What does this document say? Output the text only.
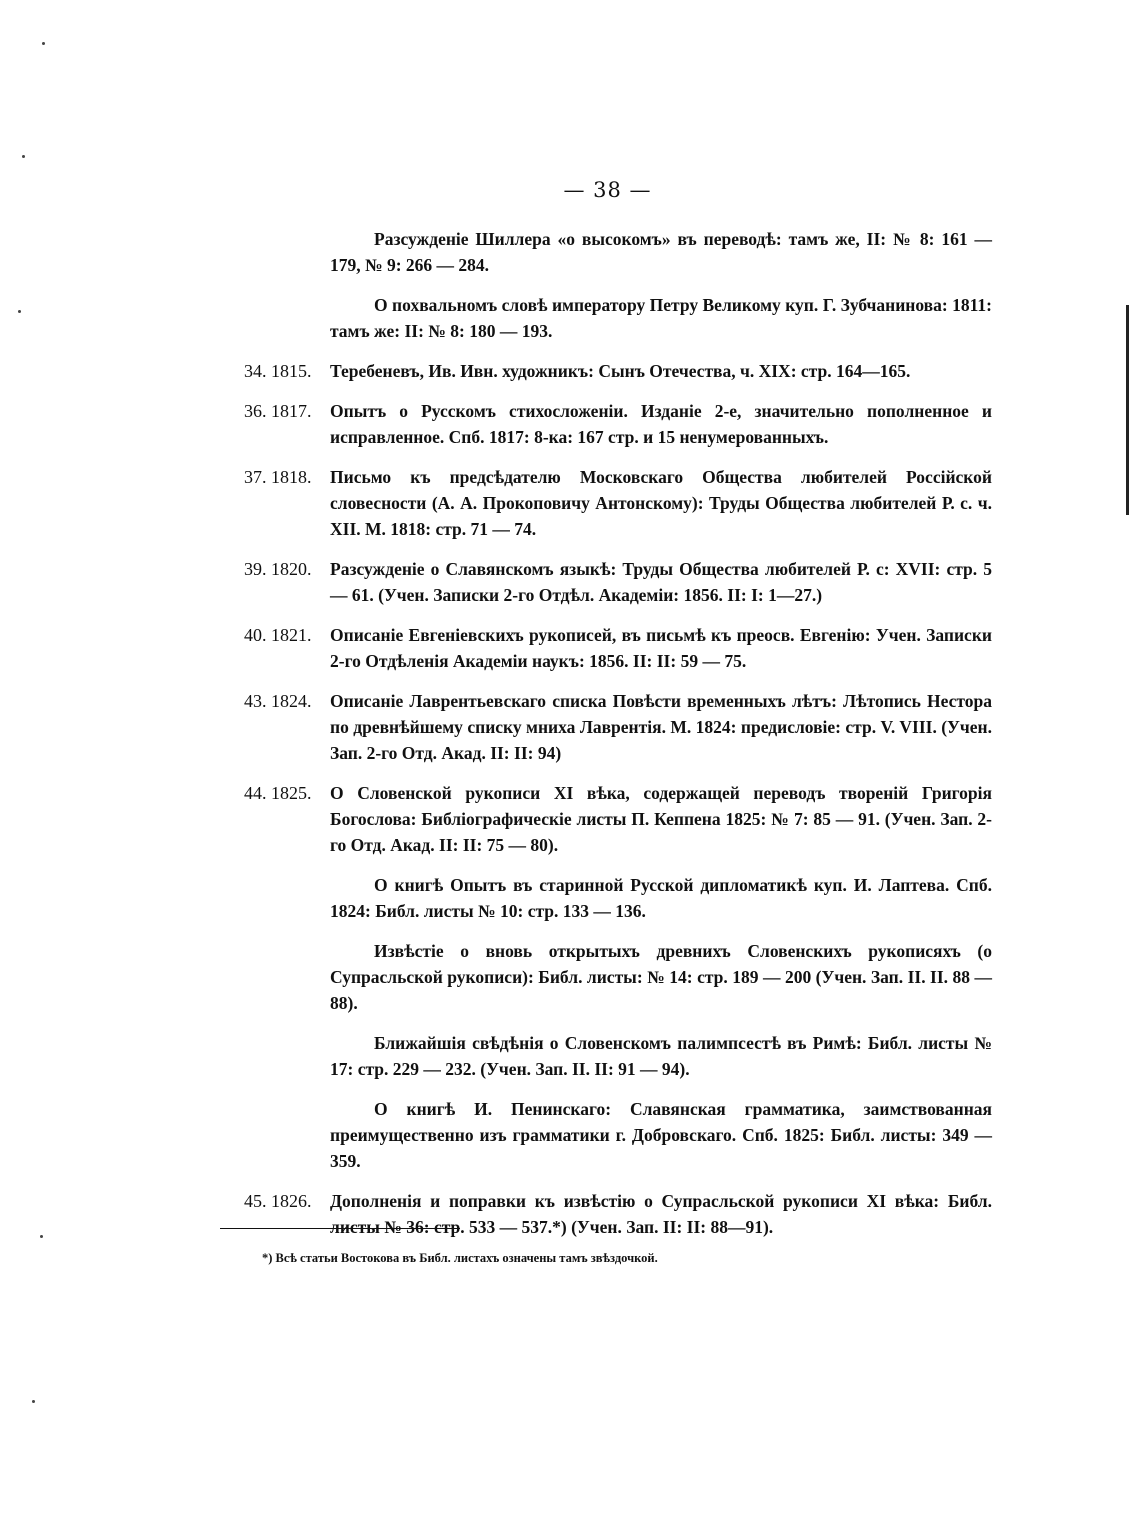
— 38 —
Разсужденіе Шиллера «о высокомъ» въ переводѣ: тамъ же, II: № 8: 161 — 179, № 9: 266 — 284.
О похвальномъ словѣ императору Петру Великому куп. Г. Зубчанинова: 1811: тамъ же: II: № 8: 180 — 193.
34. 1815.	Теребеневъ, Ив. Ивн. художникъ: Сынъ Отечества, ч. XIX: стр. 164—165.
36. 1817.	Опытъ о Русскомъ стихосложеніи. Изданіе 2-е, значительно пополненное и исправленное. Спб. 1817: 8-ка: 167 стр. и 15 ненумерованныхъ.
37. 1818.	Письмо къ предсѣдателю Московскаго Общества любителей Россійской словесности (А. А. Прокоповичу Антонскому): Труды Общества любителей Р. с. ч. XII. М. 1818: стр. 71 — 74.
39. 1820.	Разсужденіе о Славянскомъ языкѣ: Труды Общества любителей Р. с: XVII: стр. 5 — 61. (Учен. Записки 2-го Отдѣл. Академіи: 1856. II: I: 1—27.)
40. 1821.	Описаніе Евгеніевскихъ рукописей, въ письмѣ къ преосв. Евгенію: Учен. Записки 2-го Отдѣленія Академіи наукъ: 1856. II: II: 59 — 75.
43. 1824.	Описаніе Лаврентьевскаго списка Повѣсти временныхъ лѣтъ: Лѣтопись Нестора по древнѣйшему списку мниха Лаврентія. М. 1824: предисловіе: стр. V. VIII. (Учен. Зап. 2-го Отд. Акад. II: II: 94)
44. 1825.	О Словенской рукописи XI вѣка, содержащей переводъ твореній Григорія Богослова: Библіографическіе листы П. Кеппена 1825: № 7: 85 — 91. (Учен. Зап. 2-го Отд. Акад. II: II: 75 — 80).
О книгѣ Опытъ въ старинной Русской дипломатикѣ куп. И. Лаптева. Спб. 1824: Библ. листы № 10: стр. 133 — 136.
Извѣстіе о вновь открытыхъ древнихъ Словенскихъ рукописяхъ (о Супрасльской рукописи): Библ. листы: № 14: стр. 189 — 200 (Учен. Зап. II. II. 88 — 88).
Ближайшія свѣдѣнія о Словенскомъ палимпсестѣ въ Римѣ: Библ. листы № 17: стр. 229 — 232. (Учен. Зап. II. II: 91 — 94).
О книгѣ И. Пенинскаго: Славянская грамматика, заимствованная преимущественно изъ грамматики г. Добровскаго. Спб. 1825: Библ. листы: 349 — 359.
45. 1826.	Дополненія и поправки къ извѣстію о Супрасльской рукописи XI вѣка: Библ. листы № 36: стр. 533 — 537.*) (Учен. Зап. II: II: 88—91).
*) Всѣ статьи Востокова въ Библ. листахъ означены тамъ звѣздочкой.
